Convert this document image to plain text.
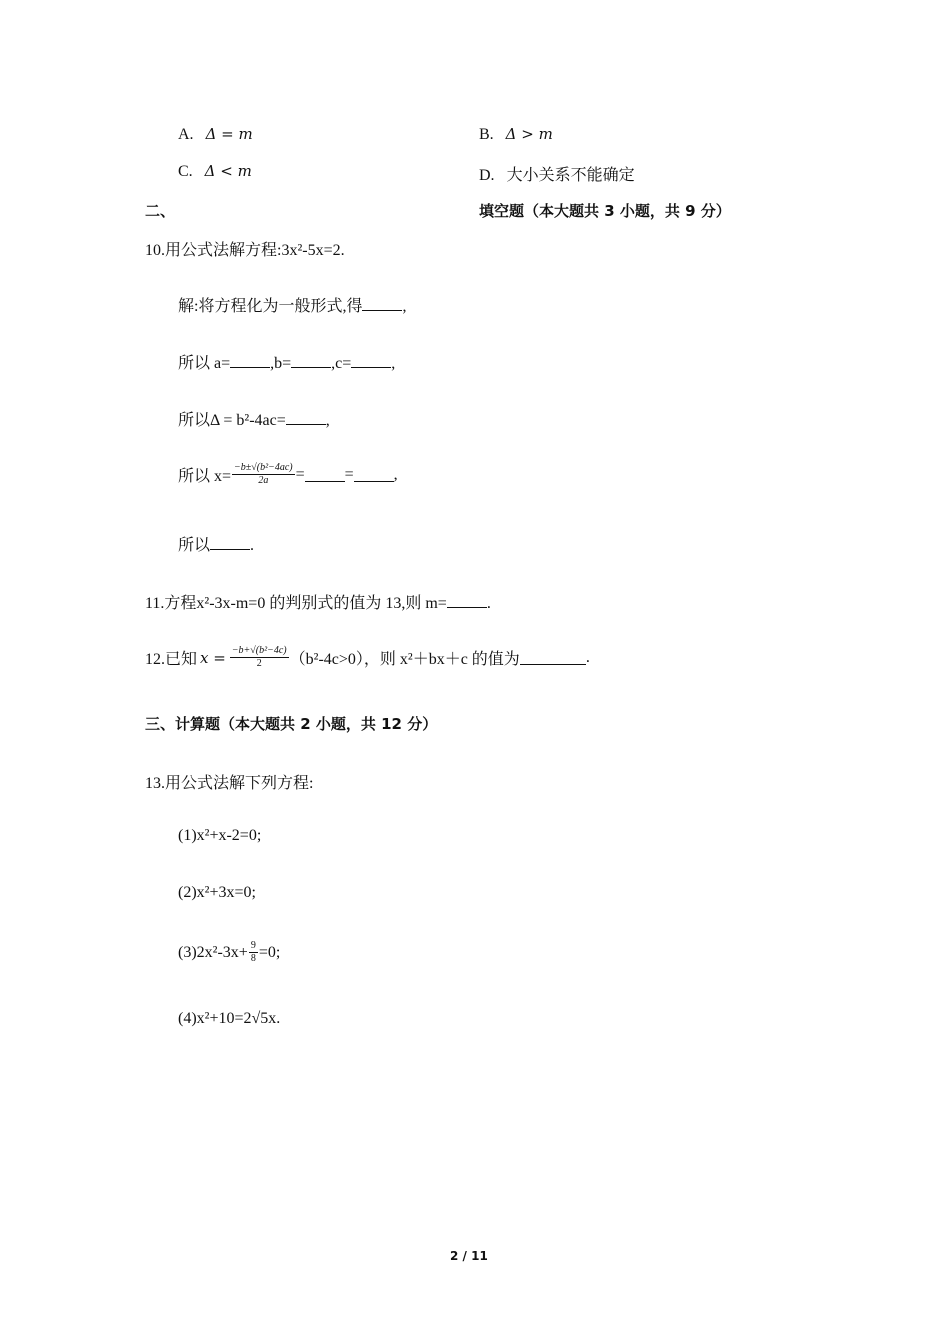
A. Δ = m	B. Δ > m
C. Δ < m	D. 大小关系不能确定
二、	填空题（本大题共 3 小题，共 9 分）
10.用公式法解方程:3x²-5x=2.
解:将方程化为一般形式,得	,
所以 a=	,b=	,c=	,
所以Δ = b²-4ac=	,
所以 $x= \frac{\text{−b±√(b²−4ac)}}{2a}$ =	=	,
所以	.
11.方程x²-3x-m=0 的判别式的值为 13,则 m=	.
12.已知 $x = \frac{\text{−b+√(b²−4c)}}{2} (b^2-4c>0)$，则 x²＋bx＋c 的值为	.
三、计算题（本大题共 2 小题，共 12 分）
13.用公式法解下列方程:
(1)x²+x-2=0;
(2)x²+3x=0;
$(3)2x^2-3x+ \frac{9}{8} =0$;
(4)x²+10=2√5x.
2 / 11
